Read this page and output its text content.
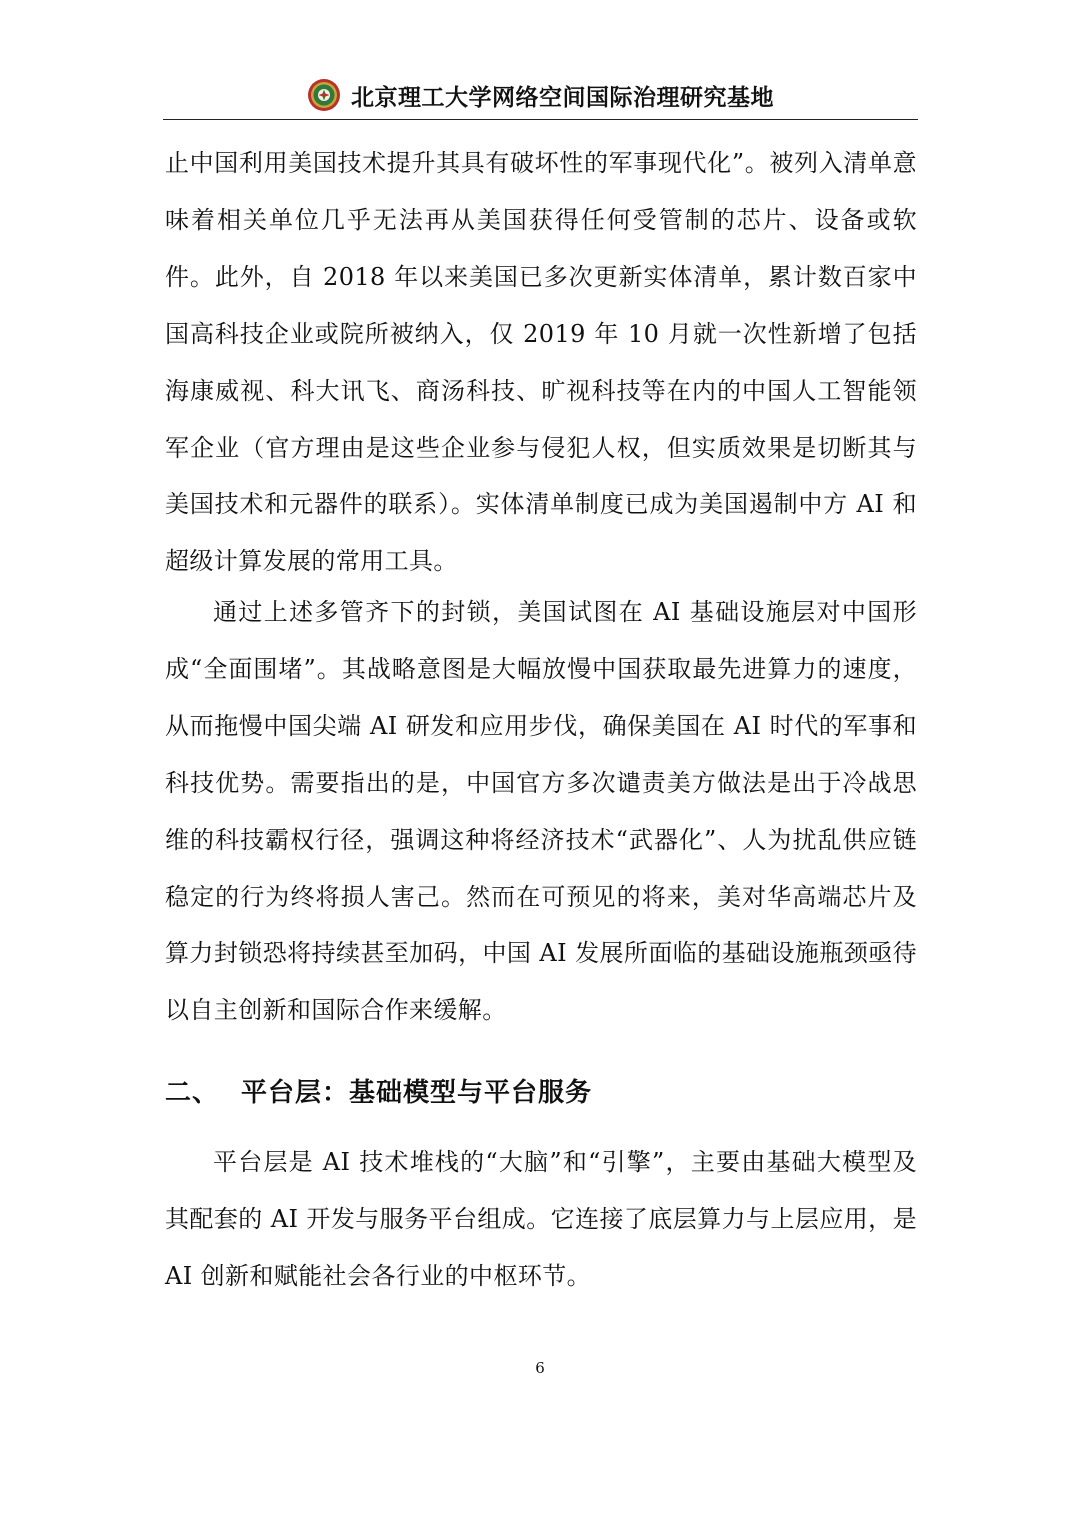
北京理工大学网络空间国际治理研究基地

止中国利用美国技术提升其具有破坏性的军事现代化”。被列入清单意味着相关单位几乎无法再从美国获得任何受管制的芯片、设备或软件。此外，自 2018 年以来美国已多次更新实体清单，累计数百家中国高科技企业或院所被纳入，仅 2019 年 10 月就一次性新增了包括海康威视、科大讯飞、商汤科技、旷视科技等在内的中国人工智能领军企业（官方理由是这些企业参与侵犯人权，但实质效果是切断其与美国技术和元器件的联系）。实体清单制度已成为美国遏制中方 AI 和超级计算发展的常用工具。

通过上述多管齐下的封锁，美国试图在 AI 基础设施层对中国形成“全面围堵”。其战略意图是大幅放慢中国获取最先进算力的速度，从而拖慢中国尖端 AI 研发和应用步伐，确保美国在 AI 时代的军事和科技优势。需要指出的是，中国官方多次谴责美方做法是出于冷战思维的科技霸权行径，强调这种将经济技术“武器化”、人为扰乱供应链稳定的行为终将损人害己。然而在可预见的将来，美对华高端芯片及算力封锁恐将持续甚至加码，中国 AI 发展所面临的基础设施瓶颈亟待以自主创新和国际合作来缓解。

二、 平台层：基础模型与平台服务

平台层是 AI 技术堆栈的“大脑”和“引擎”，主要由基础大模型及其配套的 AI 开发与服务平台组成。它连接了底层算力与上层应用，是 AI 创新和赋能社会各行业的中枢环节。

6
